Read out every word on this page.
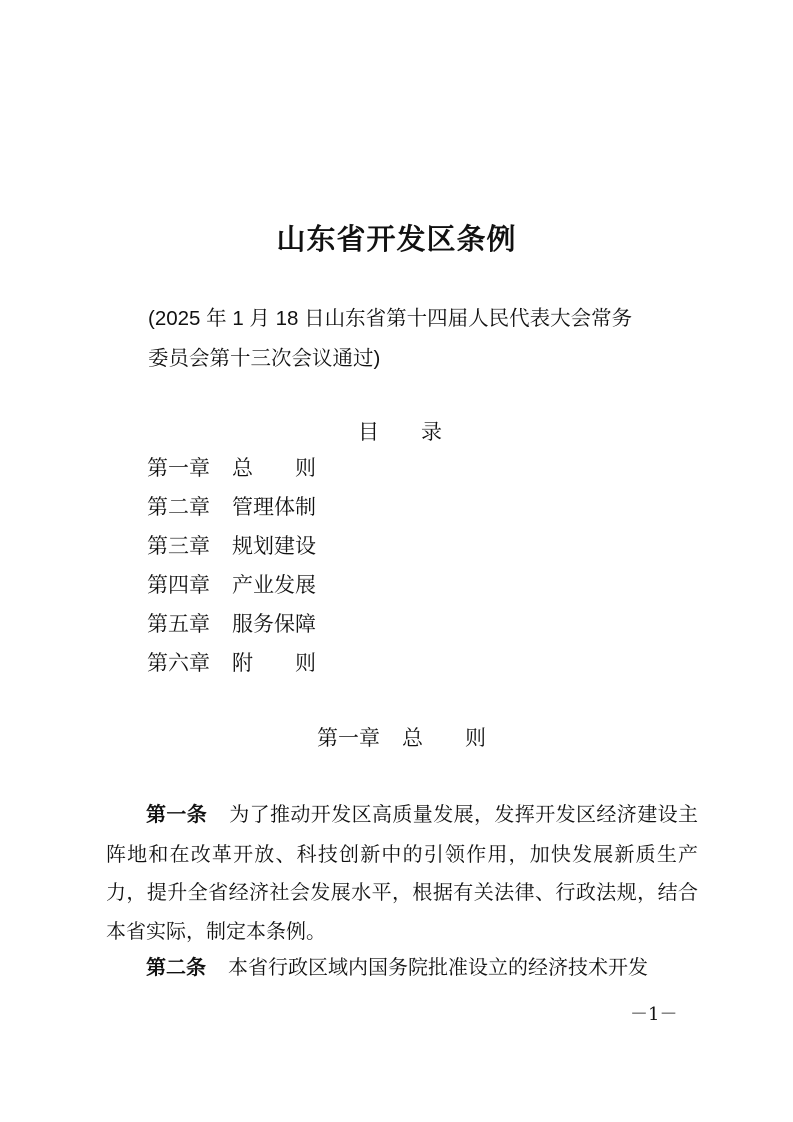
山东省开发区条例
(2025 年 1 月 18 日山东省第十四届人民代表大会常务
委员会第十三次会议通过)
目 录
第一章 总 则
第二章 管理体制
第三章 规划建设
第四章 产业发展
第五章 服务保障
第六章 附 则
第一章 总 则
第一条 为了推动开发区高质量发展，发挥开发区经济建设主阵地和在改革开放、科技创新中的引领作用，加快发展新质生产力，提升全省经济社会发展水平，根据有关法律、行政法规，结合本省实际，制定本条例。
第二条 本省行政区域内国务院批准设立的经济技术开发
－1－
